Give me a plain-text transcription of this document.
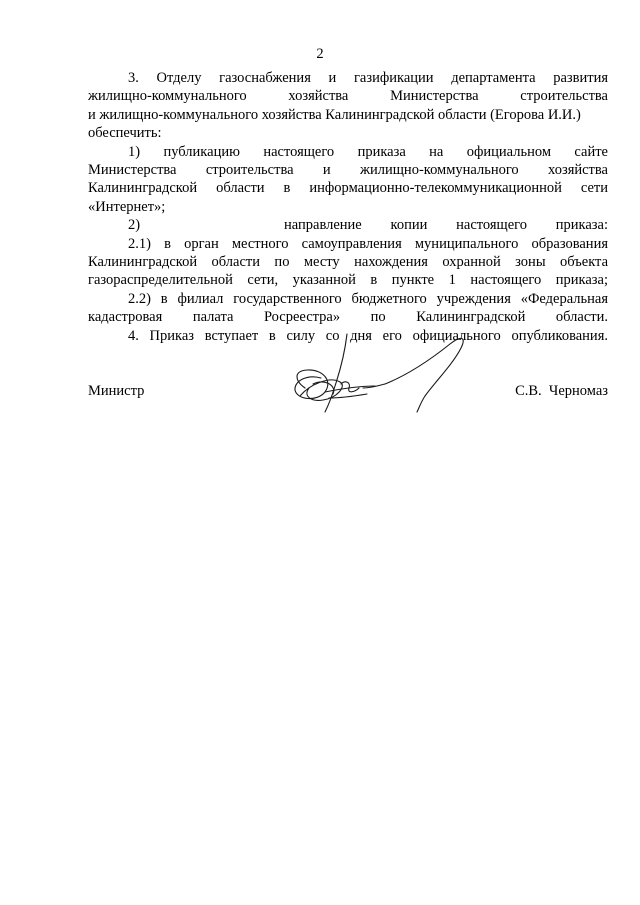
2

3. Отделу газоснабжения и газификации департамента развития
жилищно-коммунального хозяйства Министерства строительства
и жилищно-коммунального хозяйства Калининградской области (Егорова И.И.)
обеспечить:

1) публикацию настоящего приказа на официальном сайте
Министерства строительства и жилищно-коммунального хозяйства
Калининградской области в информационно-телекоммуникационной сети
«Интернет»;

2)     направление копии настоящего приказа:

2.1) в орган местного самоуправления муниципального образования
Калининградской области по месту нахождения охранной зоны объекта
газораспределительной сети, указанной в пункте 1 настоящего приказа;

2.2) в филиал государственного бюджетного учреждения «Федеральная
кадастровая палата Росреестра» по Калининградской области.

4. Приказ вступает в силу со дня его официального опубликования.

Министр	С.В.  Черномаз
